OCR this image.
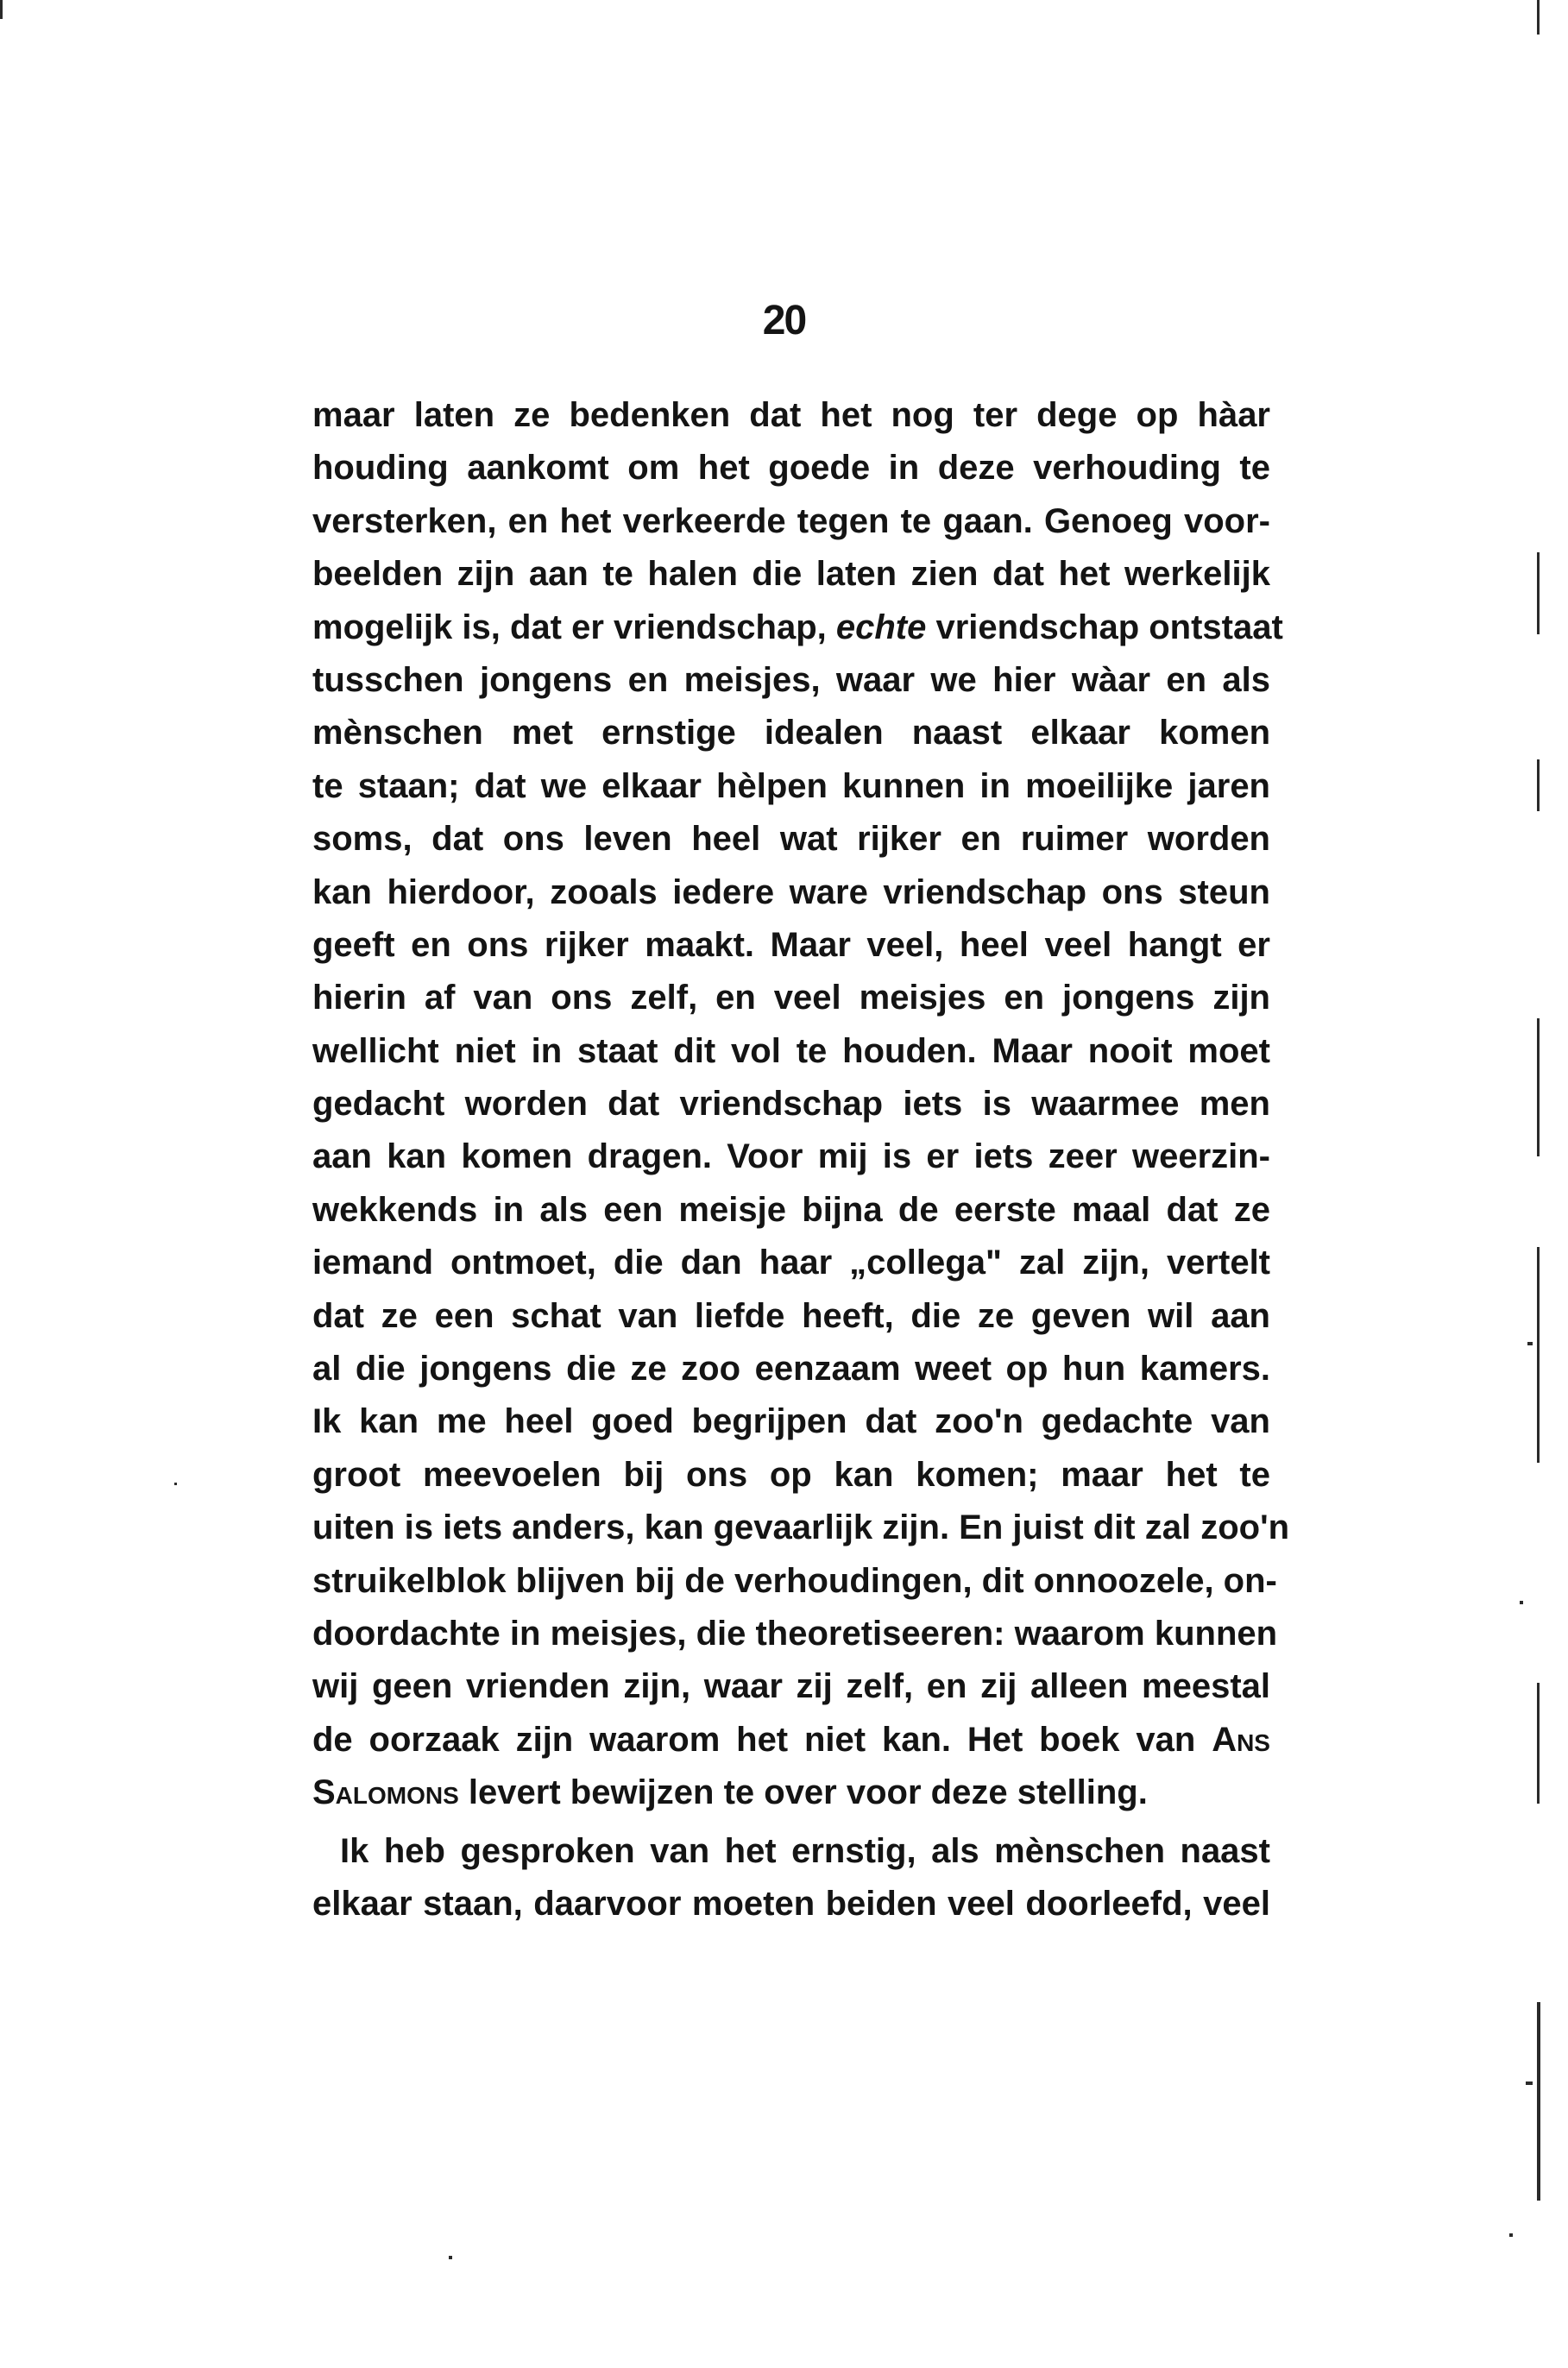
20
maar laten ze bedenken dat het nog ter dege op hàar
houding aankomt om het goede in deze verhouding te
versterken, en het verkeerde tegen te gaan. Genoeg voor-
beelden zijn aan te halen die laten zien dat het werkelijk
mogelijk is, dat er vriendschap, echte vriendschap ontstaat
tusschen jongens en meisjes, waar we hier wàar en als
mènschen met ernstige idealen naast elkaar komen
te staan; dat we elkaar hèlpen kunnen in moeilijke jaren
soms, dat ons leven heel wat rijker en ruimer worden
kan hierdoor, zooals iedere ware vriendschap ons steun
geeft en ons rijker maakt. Maar veel, heel veel hangt er
hierin af van ons zelf, en veel meisjes en jongens zijn
wellicht niet in staat dit vol te houden. Maar nooit moet
gedacht worden dat vriendschap iets is waarmee men
aan kan komen dragen. Voor mij is er iets zeer weerzin-
wekkends in als een meisje bijna de eerste maal dat ze
iemand ontmoet, die dan haar „collega" zal zijn, vertelt
dat ze een schat van liefde heeft, die ze geven wil aan
al die jongens die ze zoo eenzaam weet op hun kamers.
Ik kan me heel goed begrijpen dat zoo'n gedachte van
groot meevoelen bij ons op kan komen; maar het te
uiten is iets anders, kan gevaarlijk zijn. En juist dit zal zoo'n
struikelblok blijven bij de verhoudingen, dit onnoozele, on-
doordachte in meisjes, die theoretiseeren: waarom kunnen
wij geen vrienden zijn, waar zij zelf, en zij alleen meestal
de oorzaak zijn waarom het niet kan. Het boek van Ans
Salomons levert bewijzen te over voor deze stelling.
Ik heb gesproken van het ernstig, als mènschen naast
elkaar staan, daarvoor moeten beiden veel doorleefd, veel
